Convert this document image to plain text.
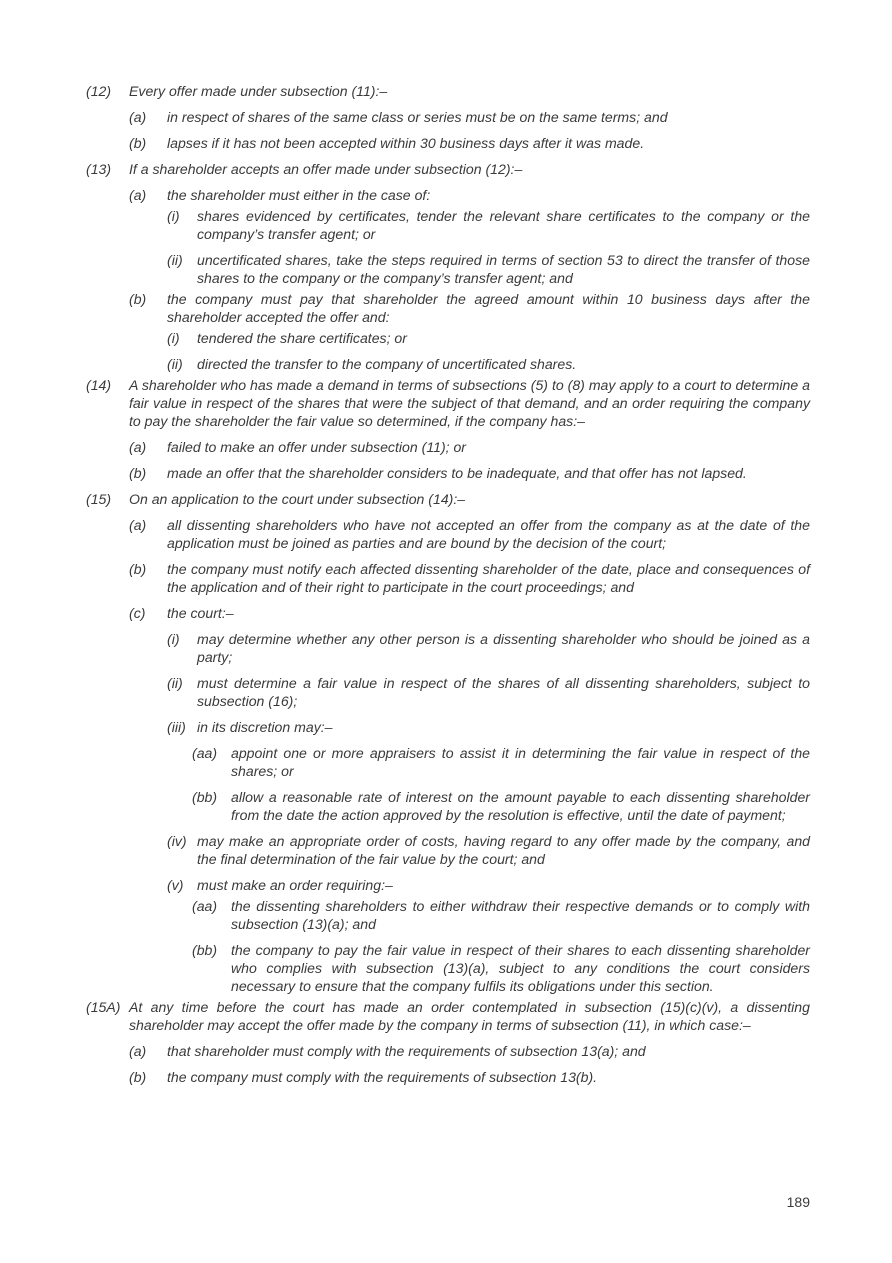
(12) Every offer made under subsection (11):–
(a) in respect of shares of the same class or series must be on the same terms; and
(b) lapses if it has not been accepted within 30 business days after it was made.
(13) If a shareholder accepts an offer made under subsection (12):–
(a) the shareholder must either in the case of:
(i) shares evidenced by certificates, tender the relevant share certificates to the company or the company’s transfer agent; or
(ii) uncertificated shares, take the steps required in terms of section 53 to direct the transfer of those shares to the company or the company’s transfer agent; and
(b) the company must pay that shareholder the agreed amount within 10 business days after the shareholder accepted the offer and:
(i) tendered the share certificates; or
(ii) directed the transfer to the company of uncertificated shares.
(14) A shareholder who has made a demand in terms of subsections (5) to (8) may apply to a court to determine a fair value in respect of the shares that were the subject of that demand, and an order requiring the company to pay the shareholder the fair value so determined, if the company has:–
(a) failed to make an offer under subsection (11); or
(b) made an offer that the shareholder considers to be inadequate, and that offer has not lapsed.
(15) On an application to the court under subsection (14):–
(a) all dissenting shareholders who have not accepted an offer from the company as at the date of the application must be joined as parties and are bound by the decision of the court;
(b) the company must notify each affected dissenting shareholder of the date, place and consequences of the application and of their right to participate in the court proceedings; and
(c) the court:–
(i) may determine whether any other person is a dissenting shareholder who should be joined as a party;
(ii) must determine a fair value in respect of the shares of all dissenting shareholders, subject to subsection (16);
(iii) in its discretion may:–
(aa) appoint one or more appraisers to assist it in determining the fair value in respect of the shares; or
(bb) allow a reasonable rate of interest on the amount payable to each dissenting shareholder from the date the action approved by the resolution is effective, until the date of payment;
(iv) may make an appropriate order of costs, having regard to any offer made by the company, and the final determination of the fair value by the court; and
(v) must make an order requiring:–
(aa) the dissenting shareholders to either withdraw their respective demands or to comply with subsection (13)(a); and
(bb) the company to pay the fair value in respect of their shares to each dissenting shareholder who complies with subsection (13)(a), subject to any conditions the court considers necessary to ensure that the company fulfils its obligations under this section.
(15A) At any time before the court has made an order contemplated in subsection (15)(c)(v), a dissenting shareholder may accept the offer made by the company in terms of subsection (11), in which case:–
(a) that shareholder must comply with the requirements of subsection 13(a); and
(b) the company must comply with the requirements of subsection 13(b).
189
